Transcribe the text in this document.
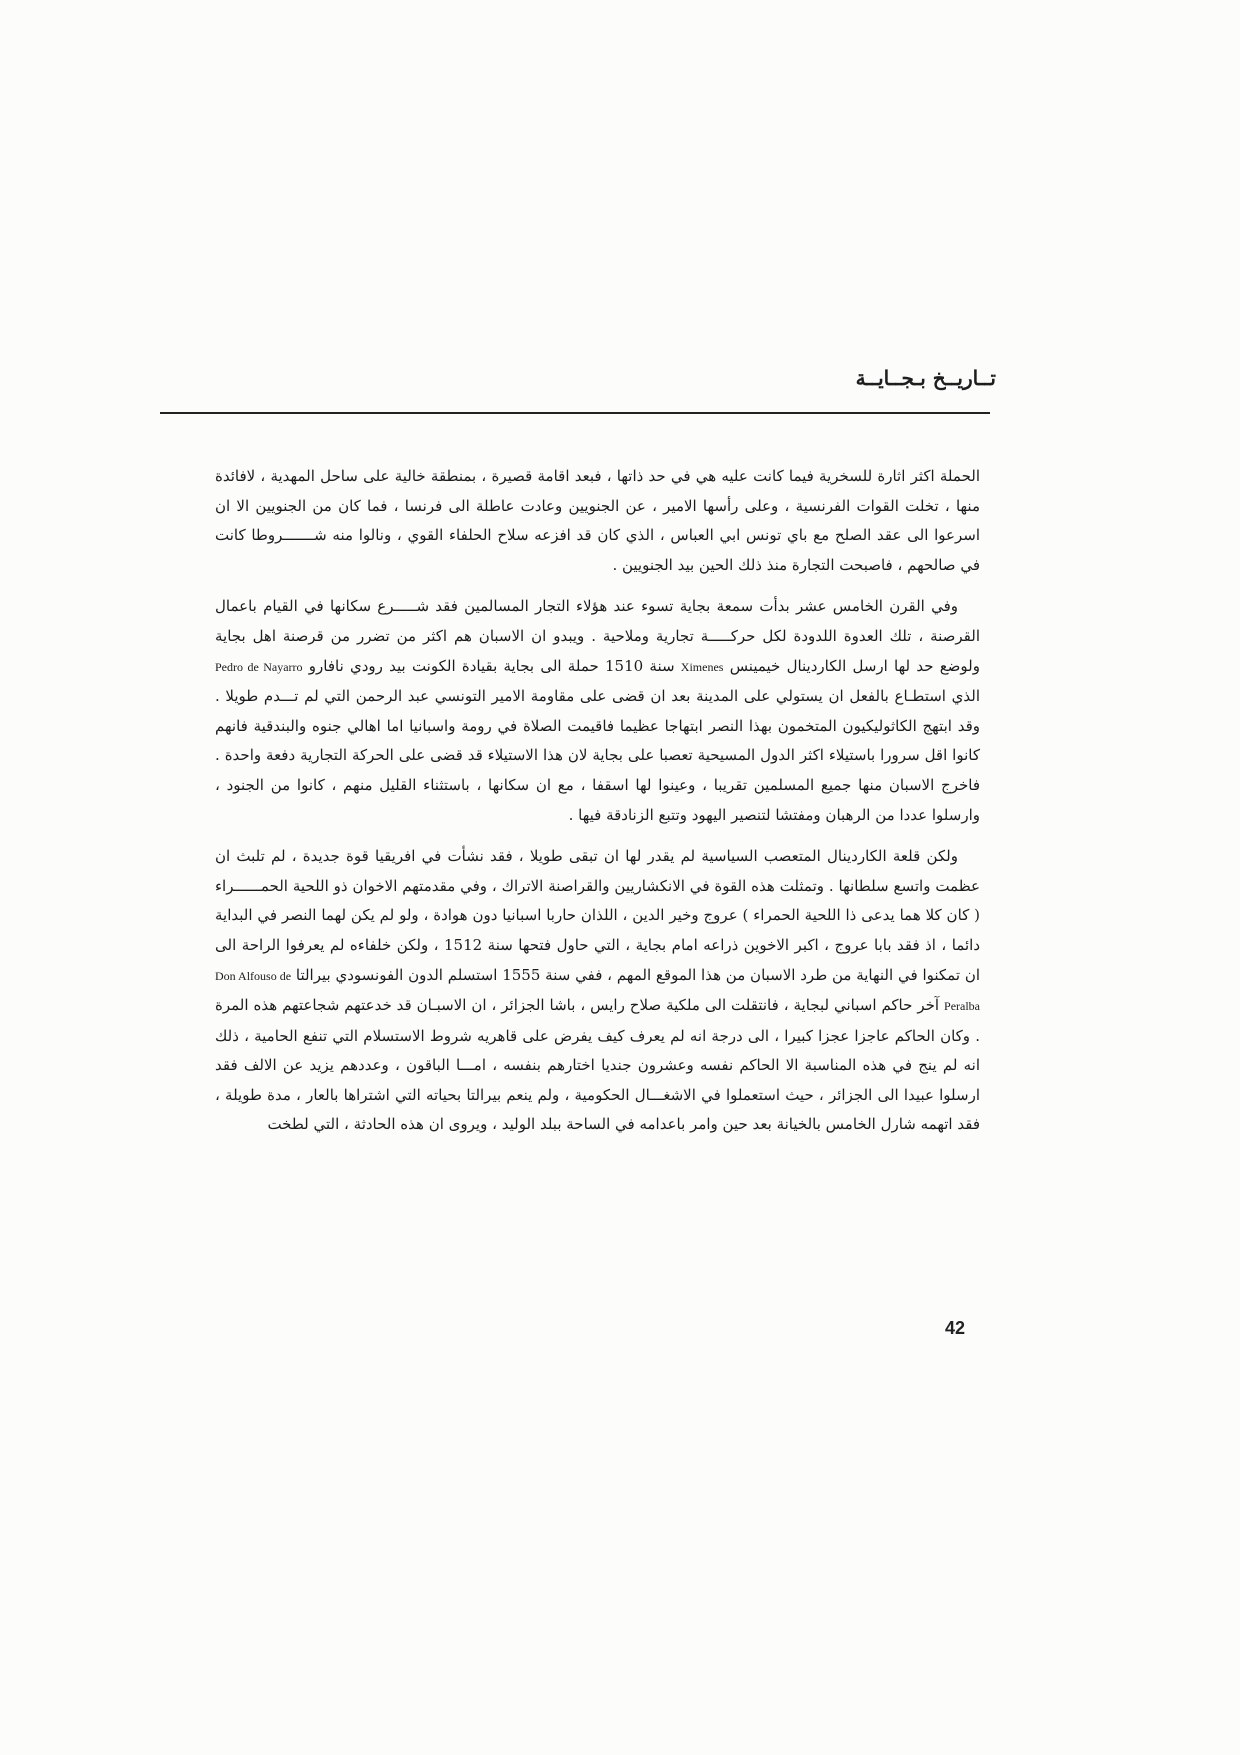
تــاريــخ بـجــايــة

الحملة اكثر اثارة للسخرية فيما كانت عليه هي في حد ذاتها ، فبعد اقامة قصيرة ، بمنطقة خالية على ساحل المهدية ، لافائدة منها ، تخلت القوات الفرنسية ، وعلى رأسها الامير ، عن الجنويين وعادت عاطلة الى فرنسا ، فما كان من الجنويين الا ان اسرعوا الى عقد الصلح مع باي تونس ابي العباس ، الذي كان قد افزعه سلاح الحلفاء القوي ، ونالوا منه شـــــــروطا كانت في صالحهم ، فاصبحت التجارة منذ ذلك الحين بيد الجنويين .

وفي القرن الخامس عشر بدأت سمعة بجاية تسوء عند هؤلاء التجار المسالمين فقد شـــــرع سكانها في القيام باعمال القرصنة ، تلك العدوة اللدودة لكل حركـــــة تجارية وملاحية . ويبدو ان الاسبان هم اكثر من تضرر من قرصنة اهل بجاية ولوضع حد لها ارسل الكاردينال خيمينس Ximenes سنة 1510 حملة الى بجاية بقيادة الكونت بيد رودي نافارو Pedro de Nayarro الذي استطـاع بالفعل ان يستولي على المدينة بعد ان قضى على مقاومة الامير التونسي عبد الرحمن التي لم تـــدم طويلا . وقد ابتهج الكاثوليكيون المتخمون بهذا النصر ابتهاجا عظيما فاقيمت الصلاة في رومة واسبانيا اما اهالي جنوه والبندقية فانهم كانوا اقل سرورا باستيلاء اكثر الدول المسيحية تعصبا على بجاية لان هذا الاستيلاء قد قضى على الحركة التجارية دفعة واحدة . فاخرج الاسبان منها جميع المسلمين تقريبا ، وعينوا لها اسقفا ، مع ان سكانها ، باستثناء القليل منهم ، كانوا من الجنود ، وارسلوا عددا من الرهبان ومفتشا لتنصير اليهود وتتبع الزنادقة فيها .

ولكن قلعة الكاردينال المتعصب السياسية لم يقدر لها ان تبقى طويلا ، فقد نشأت في افريقيا قوة جديدة ، لم تلبث ان عظمت واتسع سلطانها . وتمثلت هذه القوة في الانكشاريين والقراصنة الاتراك ، وفي مقدمتهم الاخوان ذو اللحية الحمــــــراء ( كان كلا هما يدعى ذا اللحية الحمراء ) عروج وخير الدين ، اللذان حاربا اسبانيا دون هوادة ، ولو لم يكن لهما النصر في البداية دائما ، اذ فقد بابا عروج ، اكبر الاخوين ذراعه امام بجاية ، التي حاول فتحها سنة 1512 ، ولكن خلفاءه لم يعرفوا الراحة الى ان تمكنوا في النهاية من طرد الاسبان من هذا الموقع المهم ، ففي سنة 1555 استسلم الدون الفونسودي بيرالتا Don Alfouso de Peralba آخر حاكم اسباني لبجاية ، فانتقلت الى ملكية صلاح رايس ، باشا الجزائر ، ان الاسبـان قد خدعتهم شجاعتهم هذه المرة . وكان الحاكم عاجزا عجزا كبيرا ، الى درجة انه لم يعرف كيف يفرض على قاهريه شروط الاستسلام التي تنفع الحامية ، ذلك انه لم ينج في هذه المناسبة الا الحاكم نفسه وعشرون جنديا اختارهم بنفسه ، امـــا الباقون ، وعددهم يزيد عن الالف فقد ارسلوا عبيدا الى الجزائر ، حيث استعملوا في الاشغـــال الحكومية ، ولم ينعم بيرالتا بحياته التي اشتراها بالعار ، مدة طويلة ، فقد اتهمه شارل الخامس بالخيانة بعد حين وامر باعدامه في الساحة ببلد الوليد ، ويروى ان هذه الحادثة ، التي لطخت

42
